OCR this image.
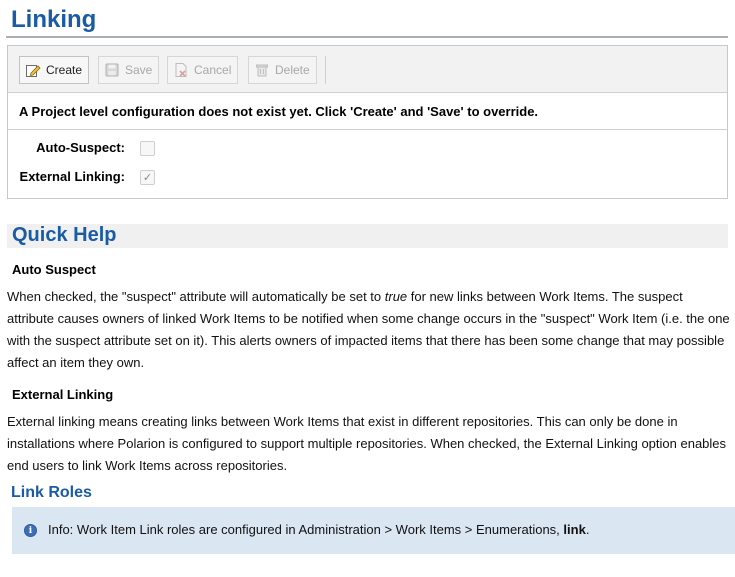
Linking
Create	Save	Cancel	Delete
A Project level configuration does not exist yet. Click 'Create' and 'Save' to override.
Auto-Suspect:
External Linking: ✓
Quick Help
Auto Suspect
When checked, the "suspect" attribute will automatically be set to true for new links between Work Items. The suspect attribute causes owners of linked Work Items to be notified when some change occurs in the "suspect" Work Item (i.e. the one with the suspect attribute set on it). This alerts owners of impacted items that there has been some change that may possible affect an item they own.
External Linking
External linking means creating links between Work Items that exist in different repositories. This can only be done in installations where Polarion is configured to support multiple repositories. When checked, the External Linking option enables end users to link Work Items across repositories.
Link Roles
i	Info: Work Item Link roles are configured in Administration > Work Items > Enumerations, link.
